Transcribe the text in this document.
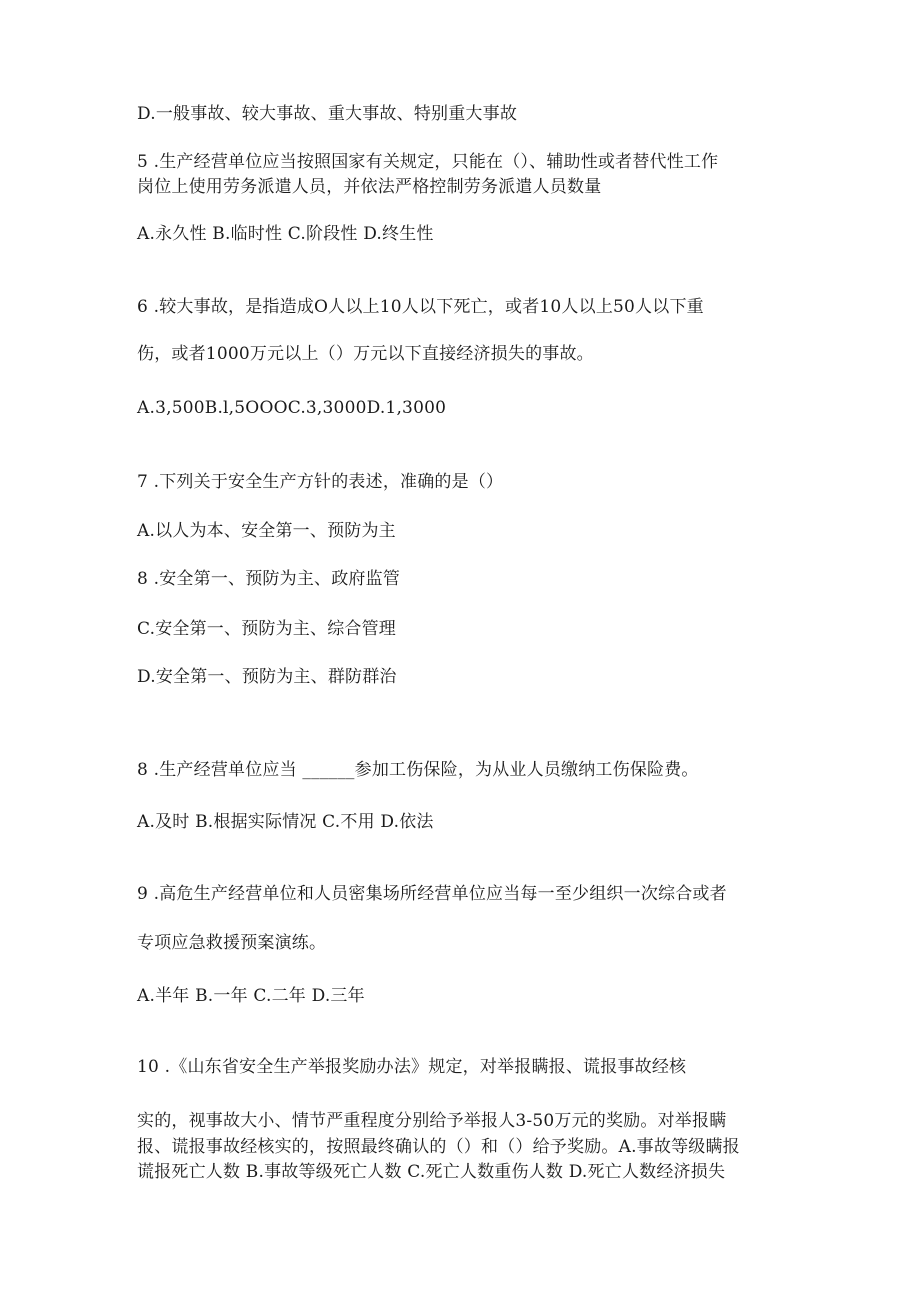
D.一般事故、较大事故、重大事故、特别重大事故
5 .生产经营单位应当按照国家有关规定，只能在（）、辅助性或者替代性工作
岗位上使用劳务派遣人员，并依法严格控制劳务派遣人员数量
A.永久性 B.临时性 C.阶段性 D.终生性
6 .较大事故，是指造成O人以上10人以下死亡，或者10人以上50人以下重
伤，或者1000万元以上（）万元以下直接经济损失的事故。
A.3,500B.l,5OOOC.3,3000D.1,3000
7 .下列关于安全生产方针的表述，准确的是（）
A.以人为本、安全第一、预防为主
8 .安全第一、预防为主、政府监管
C.安全第一、预防为主、综合管理
D.安全第一、预防为主、群防群治
8 .生产经营单位应当 ______参加工伤保险，为从业人员缴纳工伤保险费。
A.及时 B.根据实际情况 C.不用 D.依法
9 .高危生产经营单位和人员密集场所经营单位应当每一至少组织一次综合或者
专项应急救援预案演练。
A.半年 B.一年 C.二年 D.三年
10 .《山东省安全生产举报奖励办法》规定，对举报瞒报、谎报事故经核
实的，视事故大小、情节严重程度分别给予举报人3-50万元的奖励。对举报瞒
报、谎报事故经核实的，按照最终确认的（）和（）给予奖励。A.事故等级瞒报
谎报死亡人数 B.事故等级死亡人数 C.死亡人数重伤人数 D.死亡人数经济损失
